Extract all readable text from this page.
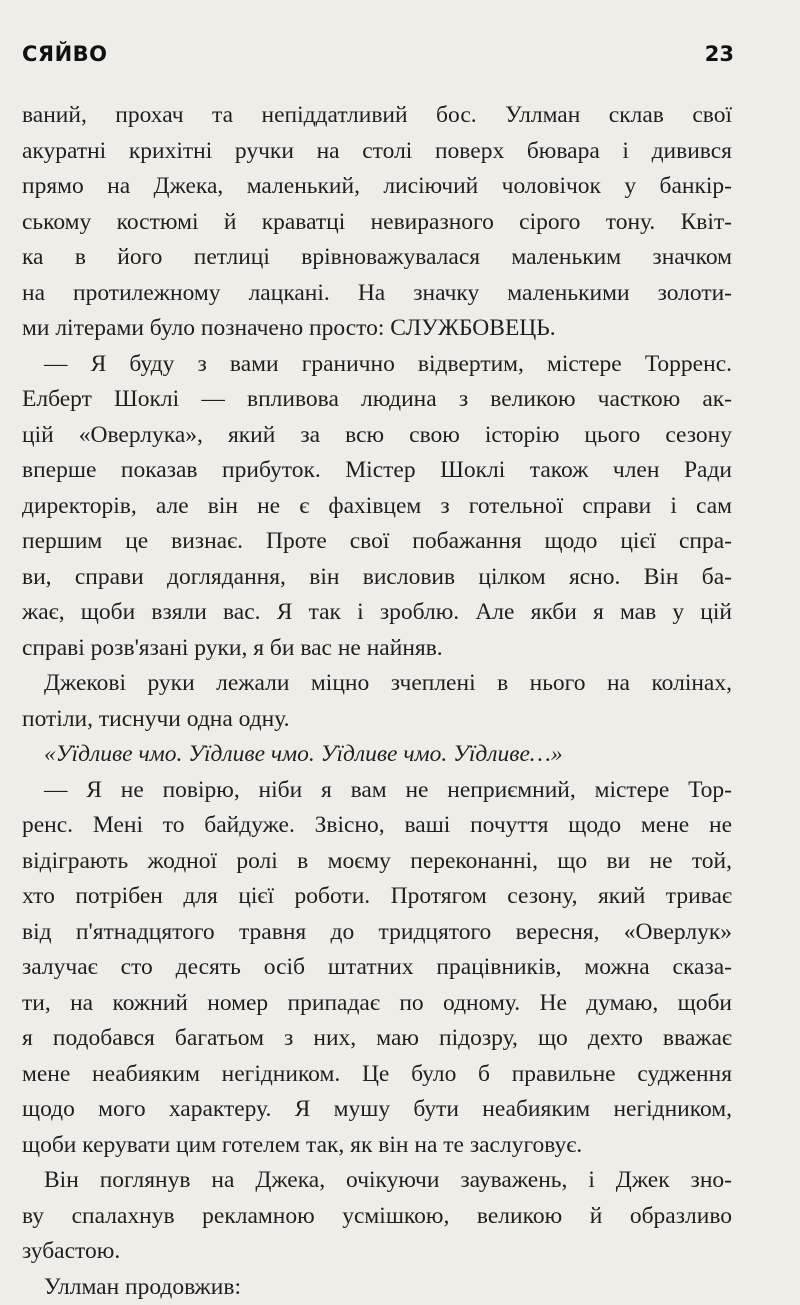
СЯЙВО	23
ваний, прохач та непіддатливий бос. Уллман склав свої
акуратні крихітні ручки на столі поверх бювара і дивився
прямо на Джека, маленький, лисіючий чоловічок у банкір-
ському костюмі й краватці невиразного сірого тону. Квіт-
ка в його петлиці врівноважувалася маленьким значком
на протилежному лацкані. На значку маленькими золоти-
ми літерами було позначено просто: СЛУЖБОВЕЦЬ.
— Я буду з вами гранично відвертим, містере Торренс.
Елберт Шоклі — впливова людина з великою часткою ак-
цій «Оверлука», який за всю свою історію цього сезону
вперше показав прибуток. Містер Шоклі також член Ради
директорів, але він не є фахівцем з готельної справи і сам
першим це визнає. Проте свої побажання щодо цієї спра-
ви, справи доглядання, він висловив цілком ясно. Він ба-
жає, щоби взяли вас. Я так і зроблю. Але якби я мав у цій
справі розв'язані руки, я би вас не найняв.
Джекові руки лежали міцно зчеплені в нього на колінах,
потіли, тиснучи одна одну.
«Уїдливе чмо. Уїдливе чмо. Уїдливе чмо. Уїдливе…»
— Я не повірю, ніби я вам не неприємний, містере Тор-
ренс. Мені то байдуже. Звісно, ваші почуття щодо мене не
відіграють жодної ролі в моєму переконанні, що ви не той,
хто потрібен для цієї роботи. Протягом сезону, який триває
від п'ятнадцятого травня до тридцятого вересня, «Оверлук»
залучає сто десять осіб штатних працівників, можна сказа-
ти, на кожний номер припадає по одному. Не думаю, щоби
я подобався багатьом з них, маю підозру, що дехто вважає
мене неабияким негідником. Це було б правильне судження
щодо мого характеру. Я мушу бути неабияким негідником,
щоби керувати цим готелем так, як він на те заслуговує.
Він поглянув на Джека, очікуючи зауважень, і Джек зно-
ву спалахнув рекламною усмішкою, великою й образливо
зубастою.
Уллман продовжив:
